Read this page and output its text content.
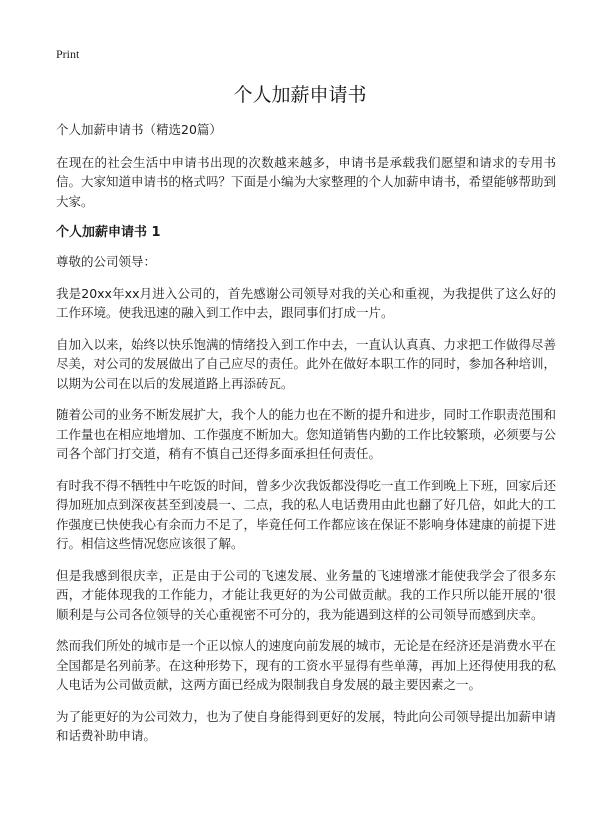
Print
个人加薪申请书

个人加薪申请书（精选20篇）

在现在的社会生活中申请书出现的次数越来越多，申请书是承载我们愿望和请求的专用书信。大家知道申请书的格式吗？下面是小编为大家整理的个人加薪申请书，希望能够帮助到大家。

个人加薪申请书 1

尊敬的公司领导：

我是20xx年xx月进入公司的，首先感谢公司领导对我的关心和重视，为我提供了这么好的工作环境。使我迅速的融入到工作中去，跟同事们打成一片。

自加入以来，始终以快乐饱满的情绪投入到工作中去，一直认认真真、力求把工作做得尽善尽美，对公司的发展做出了自己应尽的责任。此外在做好本职工作的同时，参加各种培训，以期为公司在以后的发展道路上再添砖瓦。

随着公司的业务不断发展扩大，我个人的能力也在不断的提升和进步，同时工作职责范围和工作量也在相应地增加、工作强度不断加大。您知道销售内勤的工作比较繁琐，必须要与公司各个部门打交道，稍有不慎自己还得多面承担任何责任。

有时我不得不牺牲中午吃饭的时间，曾多少次我饭都没得吃一直工作到晚上下班，回家后还得加班加点到深夜甚至到凌晨一、二点，我的私人电话费用由此也翻了好几倍，如此大的工作强度已快使我心有余而力不足了，毕竟任何工作都应该在保证不影响身体建康的前提下进行。相信这些情况您应该很了解。

但是我感到很庆幸，正是由于公司的飞速发展、业务量的飞速增涨才能使我学会了很多东西，才能体现我的工作能力，才能让我更好的为公司做贡献。我的工作只所以能开展的'很顺利是与公司各位领导的关心重视密不可分的，我为能遇到这样的公司领导而感到庆幸。

然而我们所处的城市是一个正以惊人的速度向前发展的城市，无论是在经济还是消费水平在全国都是名列前茅。在这种形势下，现有的工资水平显得有些单薄，再加上还得使用我的私人电话为公司做贡献，这两方面已经成为限制我自身发展的最主要因素之一。

为了能更好的为公司效力，也为了使自身能得到更好的发展，特此向公司领导提出加薪申请和话费补助申请。
